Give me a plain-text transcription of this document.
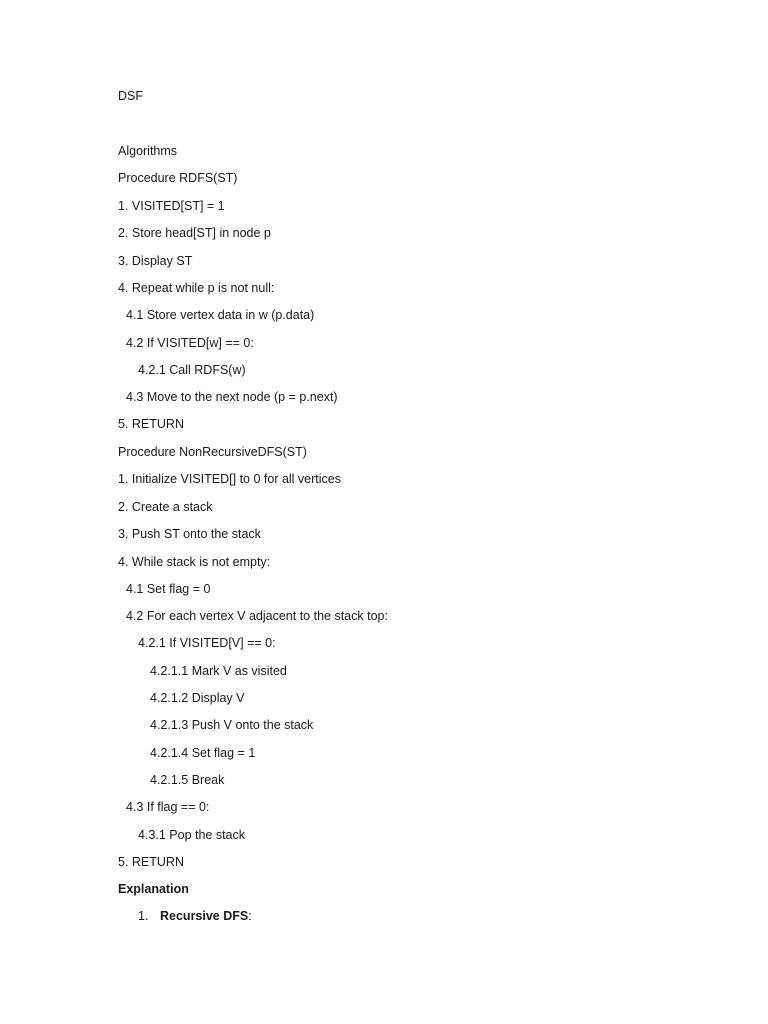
DSF

Algorithms

Procedure RDFS(ST)

1. VISITED[ST] = 1

2. Store head[ST] in node p

3. Display ST

4. Repeat while p is not null:

4.1 Store vertex data in w (p.data)

4.2 If VISITED[w] == 0:

4.2.1 Call RDFS(w)

4.3 Move to the next node (p = p.next)

5. RETURN

Procedure NonRecursiveDFS(ST)

1. Initialize VISITED[] to 0 for all vertices

2. Create a stack

3. Push ST onto the stack

4. While stack is not empty:

4.1 Set flag = 0

4.2 For each vertex V adjacent to the stack top:

4.2.1 If VISITED[V] == 0:

4.2.1.1 Mark V as visited

4.2.1.2 Display V

4.2.1.3 Push V onto the stack

4.2.1.4 Set flag = 1

4.2.1.5 Break

4.3 If flag == 0:

4.3.1 Pop the stack

5. RETURN

Explanation

1. Recursive DFS:
